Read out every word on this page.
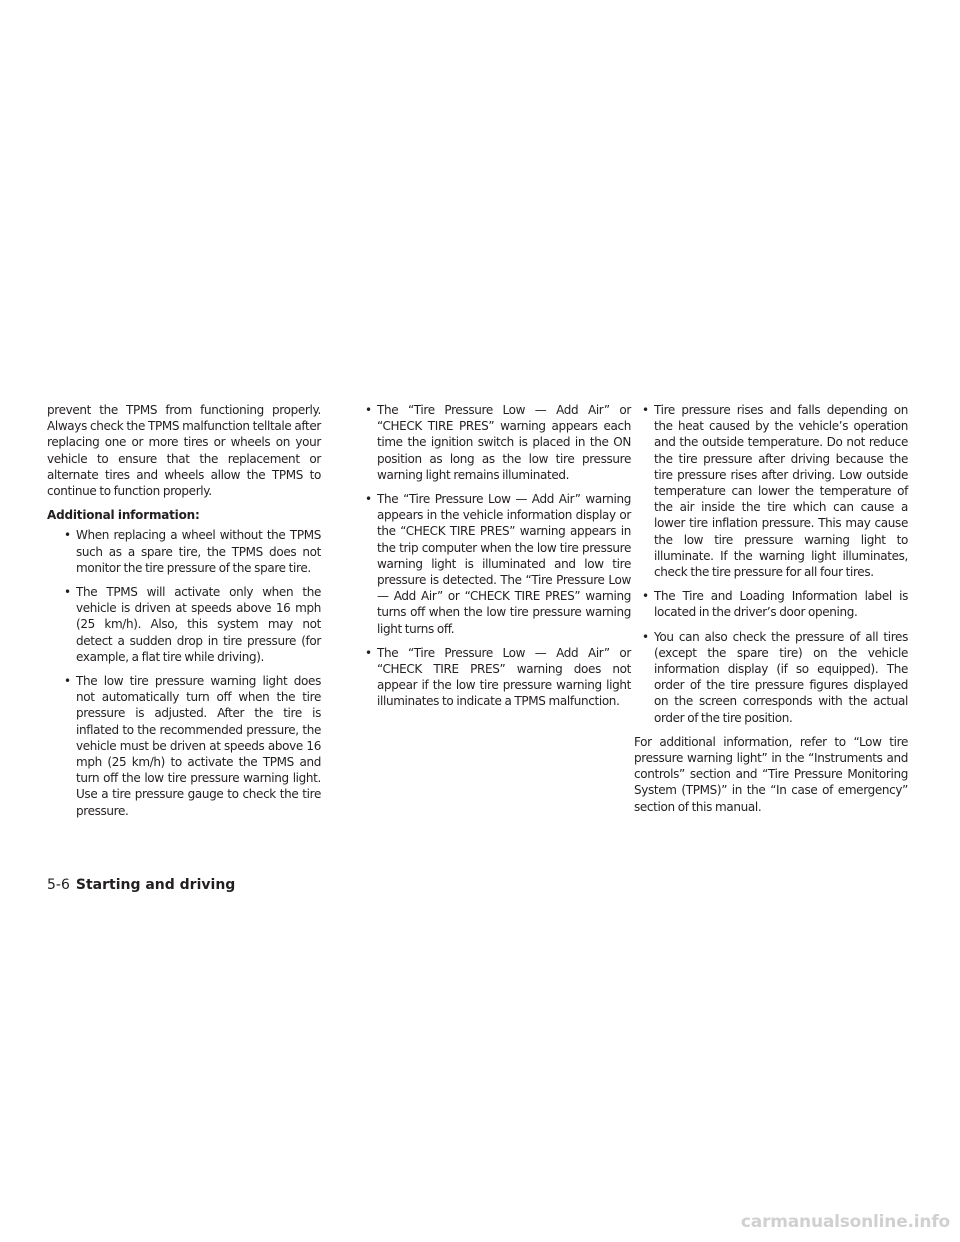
prevent the TPMS from functioning properly. Always check the TPMS malfunction telltale after replacing one or more tires or wheels on your vehicle to ensure that the replacement or alternate tires and wheels allow the TPMS to continue to function properly.

Additional information:

• When replacing a wheel without the TPMS such as a spare tire, the TPMS does not monitor the tire pressure of the spare tire.
• The TPMS will activate only when the vehicle is driven at speeds above 16 mph (25 km/h). Also, this system may not detect a sudden drop in tire pressure (for example, a flat tire while driving).
• The low tire pressure warning light does not automatically turn off when the tire pressure is adjusted. After the tire is inflated to the recommended pressure, the vehicle must be driven at speeds above 16 mph (25 km/h) to activate the TPMS and turn off the low tire pressure warning light. Use a tire pressure gauge to check the tire pressure.
• The “Tire Pressure Low — Add Air” or “CHECK TIRE PRES” warning appears each time the ignition switch is placed in the ON position as long as the low tire pressure warning light remains illuminated.
• The “Tire Pressure Low — Add Air” warning appears in the vehicle information display or the “CHECK TIRE PRES” warning appears in the trip computer when the low tire pressure warning light is illuminated and low tire pressure is detected. The “Tire Pressure Low — Add Air” or “CHECK TIRE PRES” warning turns off when the low tire pressure warning light turns off.
• The “Tire Pressure Low — Add Air” or “CHECK TIRE PRES” warning does not appear if the low tire pressure warning light illuminates to indicate a TPMS malfunction.
• Tire pressure rises and falls depending on the heat caused by the vehicle’s operation and the outside temperature. Do not reduce the tire pressure after driving because the tire pressure rises after driving. Low outside temperature can lower the temperature of the air inside the tire which can cause a lower tire inflation pressure. This may cause the low tire pressure warning light to illuminate. If the warning light illuminates, check the tire pressure for all four tires.
• The Tire and Loading Information label is located in the driver’s door opening.
• You can also check the pressure of all tires (except the spare tire) on the vehicle information display (if so equipped). The order of the tire pressure figures displayed on the screen corresponds with the actual order of the tire position.

For additional information, refer to “Low tire pressure warning light” in the “Instruments and controls” section and “Tire Pressure Monitoring System (TPMS)” in the “In case of emergency” section of this manual.

5-6 Starting and driving
carmanualsonline.info
